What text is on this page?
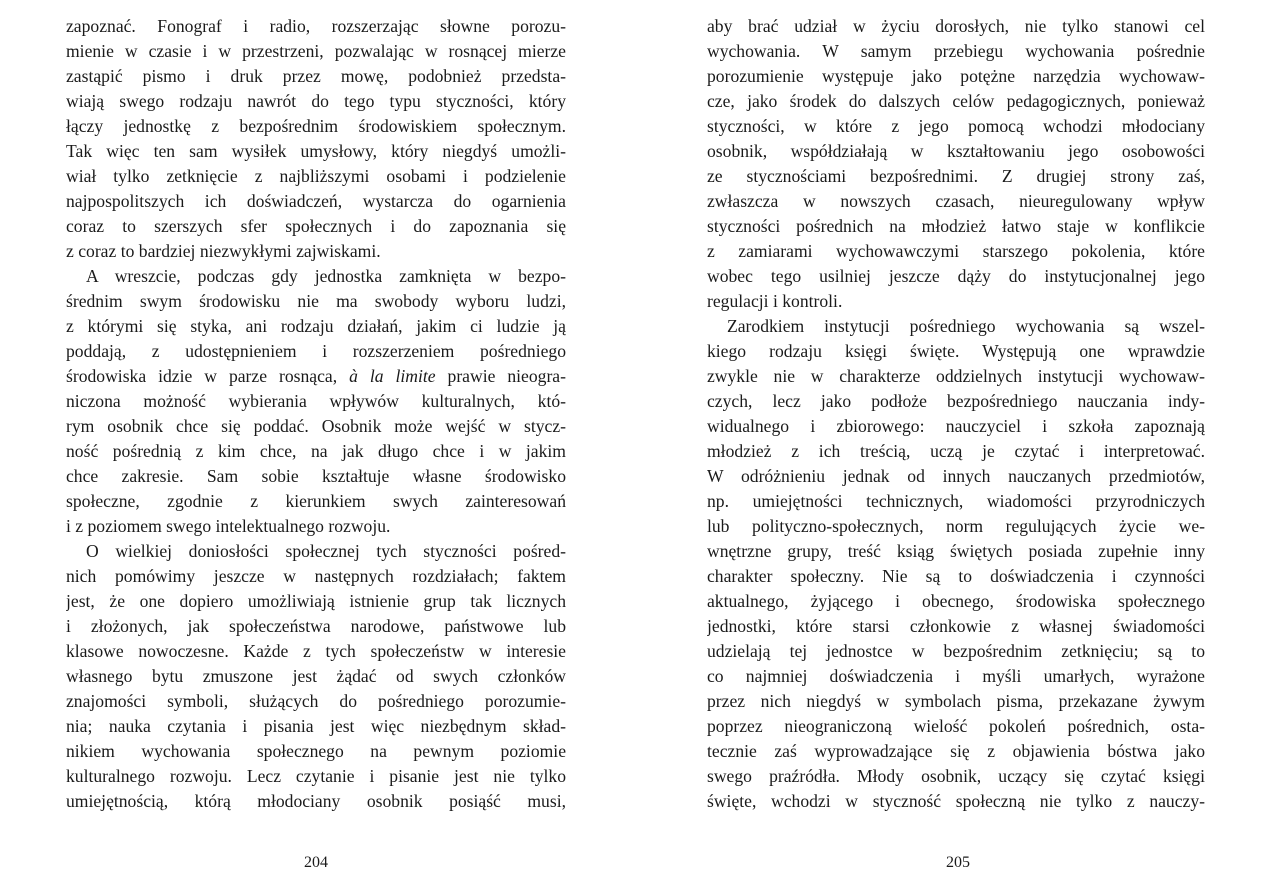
zapoznać. Fonograf i radio, rozszerzając słowne porozu-
mienie w czasie i w przestrzeni, pozwalając w rosnącej mierze
zastąpić pismo i druk przez mowę, podobnież przedsta-
wiają swego rodzaju nawrót do tego typu styczności, który
łączy jednostkę z bezpośrednim środowiskiem społecznym.
Tak więc ten sam wysiłek umysłowy, który niegdyś umożli-
wiał tylko zetknięcie z najbliższymi osobami i podzielenie
najpospolitszych ich doświadczeń, wystarcza do ogarnienia
coraz to szerszych sfer społecznych i do zapoznania się
z coraz to bardziej niezwykłymi zajwiskami.
A wreszcie, podczas gdy jednostka zamknięta w bezpo-
średnim swym środowisku nie ma swobody wyboru ludzi,
z którymi się styka, ani rodzaju działań, jakim ci ludzie ją
poddają, z udostępnieniem i rozszerzeniem pośredniego
środowiska idzie w parze rosnąca, à la limite prawie nieogra-
niczona możność wybierania wpływów kulturalnych, któ-
rym osobnik chce się poddać. Osobnik może wejść w stycz-
ność pośrednią z kim chce, na jak długo chce i w jakim
chce zakresie. Sam sobie kształtuje własne środowisko
społeczne, zgodnie z kierunkiem swych zainteresowań
i z poziomem swego intelektualnego rozwoju.
O wielkiej doniosłości społecznej tych styczności pośred-
nich pomówimy jeszcze w następnych rozdziałach; faktem
jest, że one dopiero umożliwiają istnienie grup tak licznych
i złożonych, jak społeczeństwa narodowe, państwowe lub
klasowe nowoczesne. Każde z tych społeczeństw w interesie
własnego bytu zmuszone jest żądać od swych członków
znajomości symboli, służących do pośredniego porozumie-
nia; nauka czytania i pisania jest więc niezbędnym skład-
nikiem wychowania społecznego na pewnym poziomie
kulturalnego rozwoju. Lecz czytanie i pisanie jest nie tylko
umiejętnością, którą młodociany osobnik posiąść musi,
204
aby brać udział w życiu dorosłych, nie tylko stanowi cel
wychowania. W samym przebiegu wychowania pośrednie
porozumienie występuje jako potężne narzędzia wychowaw-
cze, jako środek do dalszych celów pedagogicznych, ponieważ
styczności, w które z jego pomocą wchodzi młodociany
osobnik, współdziałają w kształtowaniu jego osobowości
ze stycznościami bezpośrednimi. Z drugiej strony zaś,
zwłaszcza w nowszych czasach, nieuregulowany wpływ
styczności pośrednich na młodzież łatwo staje w konflikcie
z zamiarami wychowawczymi starszego pokolenia, które
wobec tego usilniej jeszcze dąży do instytucjonalnej jego
regulacji i kontroli.
Zarodkiem instytucji pośredniego wychowania są wszel-
kiego rodzaju księgi święte. Występują one wprawdzie
zwykle nie w charakterze oddzielnych instytucji wychowaw-
czych, lecz jako podłoże bezpośredniego nauczania indy-
widualnego i zbiorowego: nauczyciel i szkoła zapoznają
młodzież z ich treścią, uczą je czytać i interpretować.
W odróżnieniu jednak od innych nauczanych przedmiotów,
np. umiejętności technicznych, wiadomości przyrodniczych
lub polityczno-społecznych, norm regulujących życie we-
wnętrzne grupy, treść ksiąg świętych posiada zupełnie inny
charakter społeczny. Nie są to doświadczenia i czynności
aktualnego, żyjącego i obecnego, środowiska społecznego
jednostki, które starsi członkowie z własnej świadomości
udzielają tej jednostce w bezpośrednim zetknięciu; są to
co najmniej doświadczenia i myśli umarłych, wyrażone
przez nich niegdyś w symbolach pisma, przekazane żywym
poprzez nieograniczoną wielość pokoleń pośrednich, osta-
tecznie zaś wyprowadzające się z objawienia bóstwa jako
swego praźródła. Młody osobnik, uczący się czytać księgi
święte, wchodzi w styczność społeczną nie tylko z nauczy-
205
